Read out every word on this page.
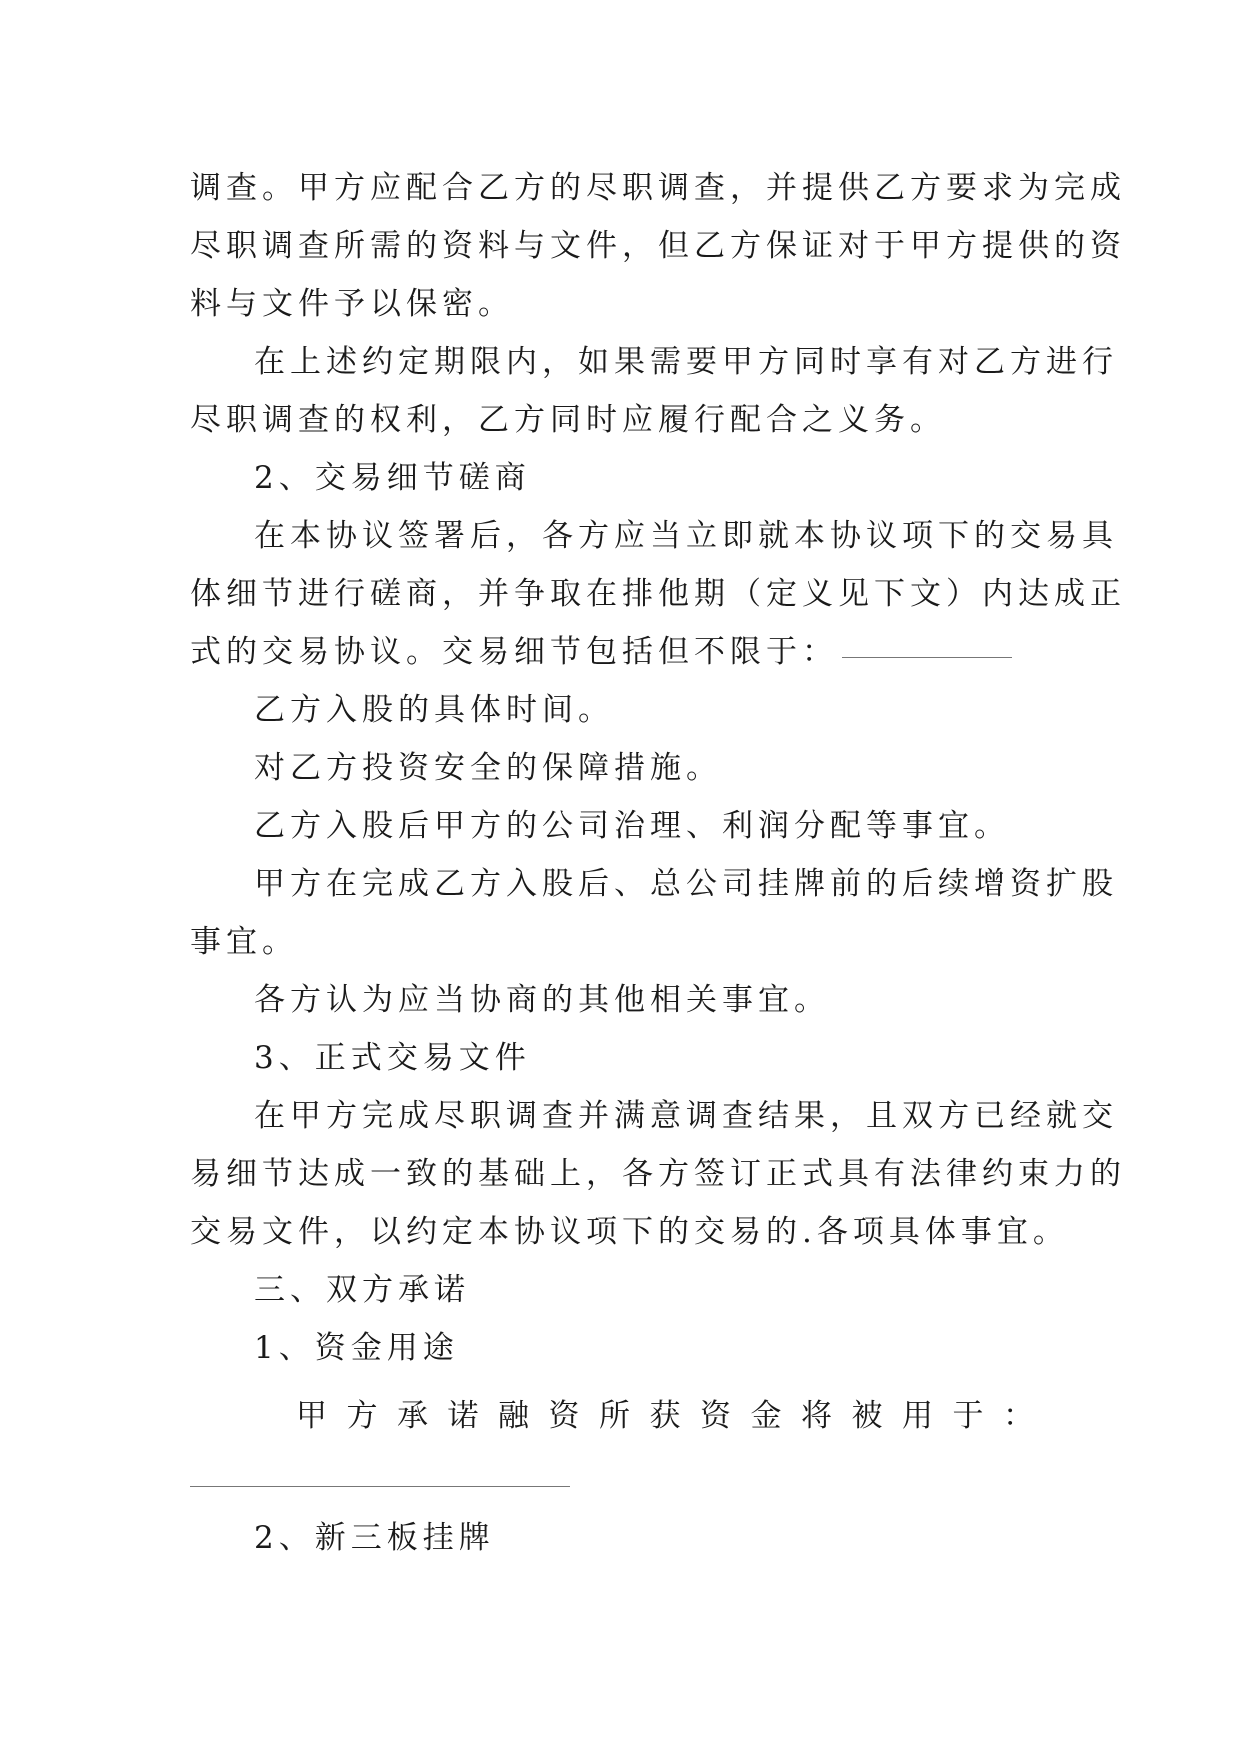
调查。甲方应配合乙方的尽职调查，并提供乙方要求为完成
尽职调查所需的资料与文件，但乙方保证对于甲方提供的资
料与文件予以保密。
在上述约定期限内，如果需要甲方同时享有对乙方进行
尽职调查的权利，乙方同时应履行配合之义务。
2、交易细节磋商
在本协议签署后，各方应当立即就本协议项下的交易具
体细节进行磋商，并争取在排他期（定义见下文）内达成正
式的交易协议。交易细节包括但不限于：
乙方入股的具体时间。
对乙方投资安全的保障措施。
乙方入股后甲方的公司治理、利润分配等事宜。
甲方在完成乙方入股后、总公司挂牌前的后续增资扩股
事宜。
各方认为应当协商的其他相关事宜。
3、正式交易文件
在甲方完成尽职调查并满意调查结果，且双方已经就交
易细节达成一致的基础上，各方签订正式具有法律约束力的
交易文件，以约定本协议项下的交易的.各项具体事宜。
三、双方承诺
1、资金用途
甲 方 承 诺 融 资 所 获 资 金 将 被 用 于 ：
2、新三板挂牌
